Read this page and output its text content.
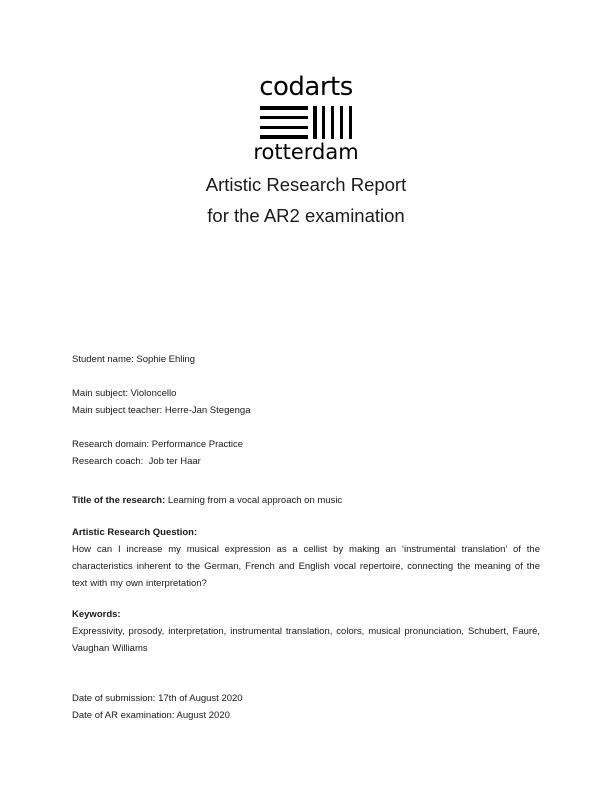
codarts
rotterdam
Artistic Research Report
for the AR2 examination

Student name: Sophie Ehling

Main subject: Violoncello

Main subject teacher: Herre-Jan Stegenga

Research domain: Performance Practice

Research coach:  Job ter Haar

Title of the research: Learning from a vocal approach on music

Artistic Research Question:

How can I increase my musical expression as a cellist by making an ‘instrumental translation’ of the characteristics inherent to the German, French and English vocal repertoire, connecting the meaning of the text with my own interpretation?

Keywords:

Expressivity, prosody, interpretation, instrumental translation, colors, musical pronunciation, Schubert, Fauré, Vaughan Williams

Date of submission: 17th of August 2020

Date of AR examination: August 2020
